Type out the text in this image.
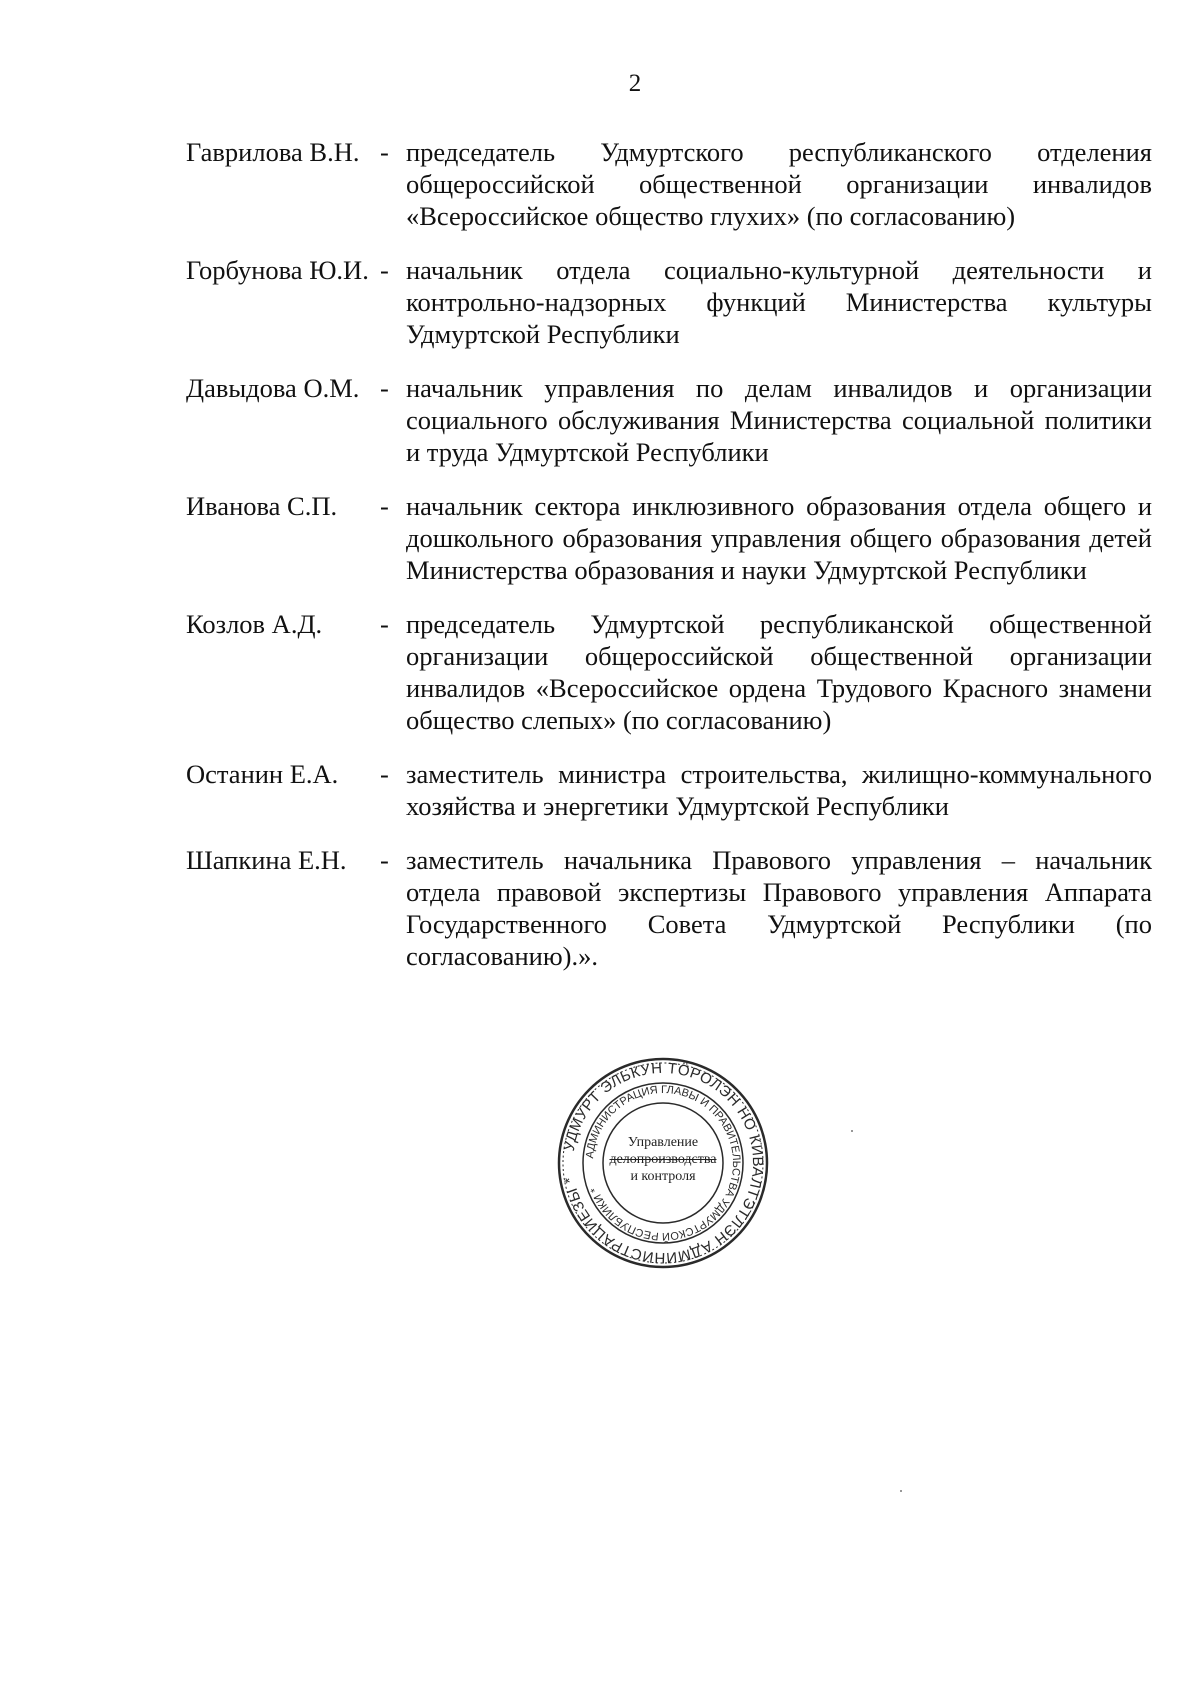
2
Гаврилова В.Н. - председатель Удмуртского республиканского отделения общероссийской общественной организации инвалидов «Всероссийское общество глухих» (по согласованию)
Горбунова Ю.И. - начальник отдела социально-культурной деятельности и контрольно-надзорных функций Министерства культуры Удмуртской Республики
Давыдова О.М. - начальник управления по делам инвалидов и организации социального обслуживания Министерства социальной политики и труда Удмуртской Республики
Иванова С.П.	- начальник сектора инклюзивного образования отдела общего и дошкольного образования управления общего образования детей Министерства образования и науки Удмуртской Республики
Козлов А.Д.	- председатель Удмуртской республиканской общественной организации общероссийской общественной организации инвалидов «Всероссийское ордена Трудового Красного знамени общество слепых» (по согласованию)
Останин Е.А.	- заместитель министра строительства, жилищно-коммунального хозяйства и энергетики Удмуртской Республики
Шапкина Е.Н.	- заместитель начальника Правового управления – начальник отдела правовой экспертизы Правового управления Аппарата Государственного Совета Удмуртской Республики (по согласованию).».
УДМУРТ ЭЛЬКУН ТӦРОЛЭН НО КИВАЛТЭТЛЭН АДМИНИСТРАЦИЕЗЫ *
АДМИНИСТРАЦИЯ ГЛАВЫ И ПРАВИТЕЛЬСТВА УДМУРТСКОЙ РЕСПУБЛИКИ *
Управление
делопроизводства
и контроля
